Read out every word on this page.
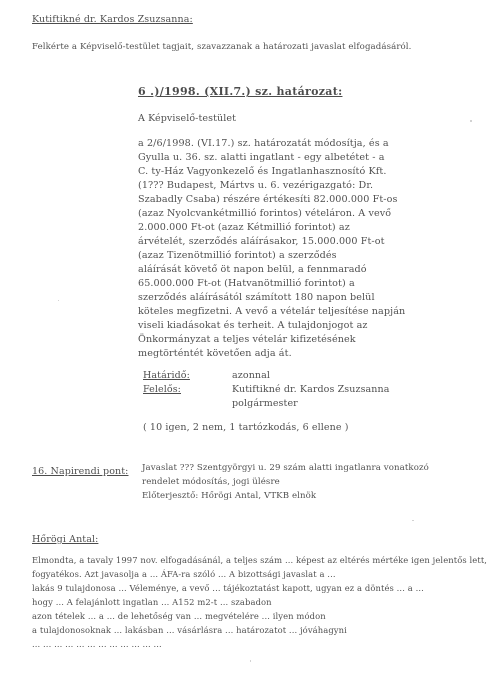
Kutiftikné dr. Kardos Zsuzsanna:
Felkérte a Képviselő-testület tagjait, szavazzanak a határozati javaslat elfogadásáról.
6 .)/1998. (XII.7.) sz. határozat:
A Képviselő-testület
a 2/6/1998. (VI.17.) sz. határozatát módosítja, és a
Gyulla u. 36. sz. alatti ingatlant - egy albetétet - a
C. ty-Ház Vagyonkezelő és Ingatlanhasznosító Kft.
(1??? Budapest, Mártvs u. 6. vezérigazgató: Dr.
Szabadly Csaba) részére értékesíti 82.000.000 Ft-os
(azaz Nyolcvankétmillió forintos) vételáron. A vevő
2.000.000 Ft-ot (azaz Kétmillió forintot) az
árvételét, szerződés aláírásakor, 15.000.000 Ft-ot
(azaz Tizenötmillió forintot) a szerződés
aláírását követő öt napon belül, a fennmaradó
65.000.000 Ft-ot (Hatvanötmillió forintot) a
szerződés aláírásától számított 180 napon belül
köteles megfizetni. A vevő a vételár teljesítése napján
viseli kiadásokat és terheit. A tulajdonjogot az
Önkormányzat a teljes vételár kifizetésének
megtörténtét követően adja át.
Határidő:	azonnal
Felelős:	Kutiftikné dr. Kardos Zsuzsanna
polgármester
( 10 igen, 2 nem, 1 tartózkodás, 6 ellene )
16. Napirendi pont: Javaslat ??? Szentgyörgyi u. 29 szám alatti ingatlanra vonatkozó
rendelet módosítás, jogi ülésre
Előterjesztő: Hőrögi Antal, VTKB elnök
Hőrögi Antal:
Elmondta, a tavaly 1997 nov. elfogadásánál, a teljes szám ... képest az eltérés mértéke igen jelentős lett,
fogyatékos. Azt javasolja a ... ÁFA-ra szóló ... A bizottsági javaslat a ...
lakás 9 tulajdonosa ... Véleménye, a vevő ... tájékoztatást kapott, ugyan ez a döntés ... a ...
hogy ... A felajánlott ingatlan ... A152 m2-t ... szabadon
azon tételek ... a ... de lehetőség van ... megvételére ... ilyen módon
a tulajdonosoknak ... lakásban ... vásárlásra ... határozatot ... jóváhagyni
... ... ... ... ... ... ... ... ... ... ... ...
